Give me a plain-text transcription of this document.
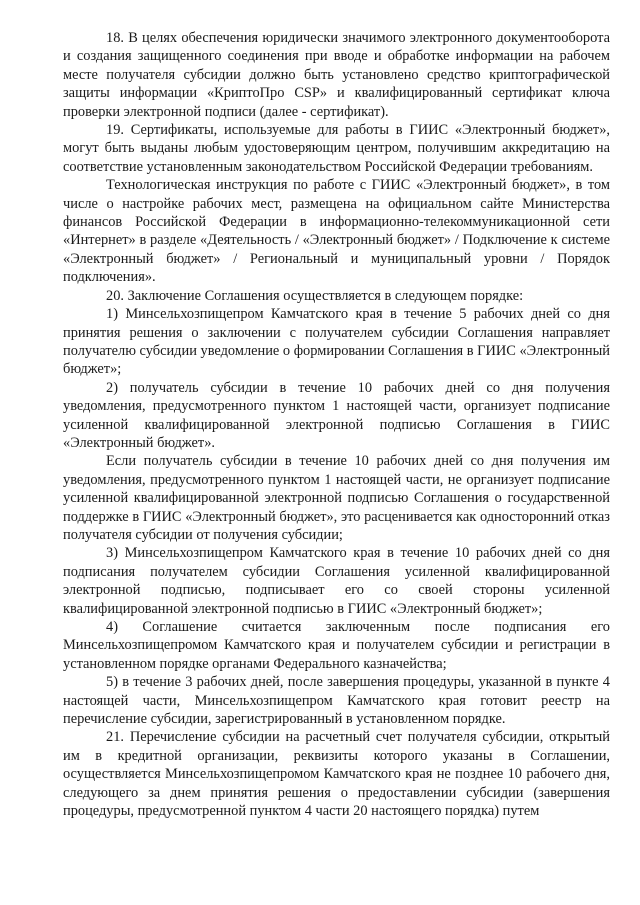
18. В целях обеспечения юридически значимого электронного документооборота и создания защищенного соединения при вводе и обработке информации на рабочем месте получателя субсидии должно быть установлено средство криптографической защиты информации «КриптоПро CSP» и квалифицированный сертификат ключа проверки электронной подписи (далее - сертификат).

19. Сертификаты, используемые для работы в ГИИС «Электронный бюджет», могут быть выданы любым удостоверяющим центром, получившим аккредитацию на соответствие установленным законодательством Российской Федерации требованиям.

Технологическая инструкция по работе с ГИИС «Электронный бюджет», в том числе о настройке рабочих мест, размещена на официальном сайте Министерства финансов Российской Федерации в информационно-телекоммуникационной сети «Интернет» в разделе «Деятельность / «Электронный бюджет» / Подключение к системе «Электронный бюджет» / Региональный и муниципальный уровни / Порядок подключения».

20. Заключение Соглашения осуществляется в следующем порядке:

1) Минсельхозпищепром Камчатского края в течение 5 рабочих дней со дня принятия решения о заключении с получателем субсидии Соглашения направляет получателю субсидии уведомление о формировании Соглашения в ГИИС «Электронный бюджет»;

2) получатель субсидии в течение 10 рабочих дней со дня получения уведомления, предусмотренного пунктом 1 настоящей части, организует подписание усиленной квалифицированной электронной подписью Соглашения в ГИИС «Электронный бюджет».

Если получатель субсидии в течение 10 рабочих дней со дня получения им уведомления, предусмотренного пунктом 1 настоящей части, не организует подписание усиленной квалифицированной электронной подписью Соглашения о государственной поддержке в ГИИС «Электронный бюджет», это расценивается как односторонний отказ получателя субсидии от получения субсидии;

3) Минсельхозпищепром Камчатского края в течение 10 рабочих дней со дня подписания получателем субсидии Соглашения усиленной квалифицированной электронной подписью, подписывает его со своей стороны усиленной квалифицированной электронной подписью в ГИИС «Электронный бюджет»;

4) Соглашение считается заключенным после подписания его Минсельхозпищепромом Камчатского края и получателем субсидии и регистрации в установленном порядке органами Федерального казначейства;

5) в течение 3 рабочих дней, после завершения процедуры, указанной в пункте 4 настоящей части, Минсельхозпищепром Камчатского края готовит реестр на перечисление субсидии, зарегистрированный в установленном порядке.

21. Перечисление субсидии на расчетный счет получателя субсидии, открытый им в кредитной организации, реквизиты которого указаны в Соглашении, осуществляется Минсельхозпищепромом Камчатского края не позднее 10 рабочего дня, следующего за днем принятия решения о предоставлении субсидии (завершения процедуры, предусмотренной пунктом 4 части 20 настоящего порядка) путем
